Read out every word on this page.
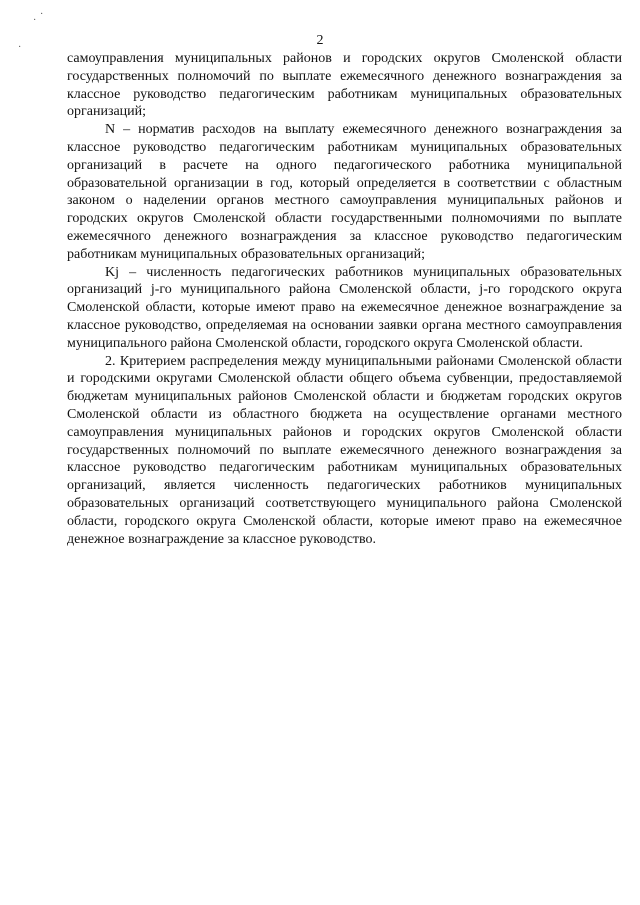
·
·
·	2

самоуправления муниципальных районов и городских округов Смоленской области государственных полномочий по выплате ежемесячного денежного вознаграждения за классное руководство педагогическим работникам муниципальных образовательных организаций;

N – норматив расходов на выплату ежемесячного денежного вознаграждения за классное руководство педагогическим работникам муниципальных образовательных организаций в расчете на одного педагогического работника муниципальной образовательной организации в год, который определяется в соответствии с областным законом о наделении органов местного самоуправления муниципальных районов и городских округов Смоленской области государственными полномочиями по выплате ежемесячного денежного вознаграждения за классное руководство педагогическим работникам муниципальных образовательных организаций;

Kj – численность педагогических работников муниципальных образовательных организаций j-го муниципального района Смоленской области, j-го городского округа Смоленской области, которые имеют право на ежемесячное денежное вознаграждение за классное руководство, определяемая на основании заявки органа местного самоуправления муниципального района Смоленской области, городского округа Смоленской области.

2. Критерием распределения между муниципальными районами Смоленской области и городскими округами Смоленской области общего объема субвенции, предоставляемой бюджетам муниципальных районов Смоленской области и бюджетам городских округов Смоленской области из областного бюджета на осуществление органами местного самоуправления муниципальных районов и городских округов Смоленской области государственных полномочий по выплате ежемесячного денежного вознаграждения за классное руководство педагогическим работникам муниципальных образовательных организаций, является численность педагогических работников муниципальных образовательных организаций соответствующего муниципального района Смоленской области, городского округа Смоленской области, которые имеют право на ежемесячное денежное вознаграждение за классное руководство.
